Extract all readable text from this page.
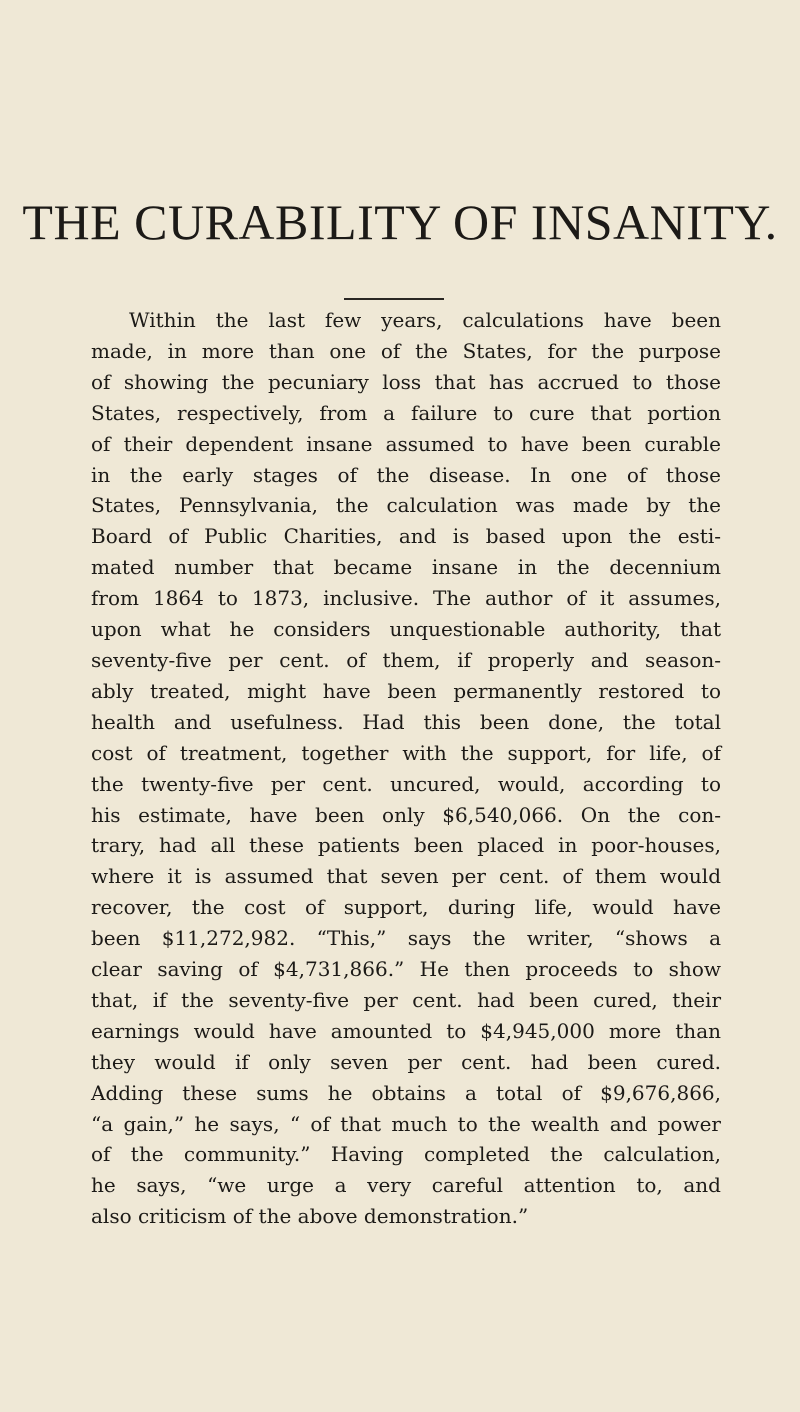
THE CURABILITY OF INSANITY.
Within the last few years, calculations have been
made, in more than one of the States, for the purpose
of showing the pecuniary loss that has accrued to those
States, respectively, from a failure to cure that portion
of their dependent insane assumed to have been curable
in the early stages of the disease. In one of those
States, Pennsylvania, the calculation was made by the
Board of Public Charities, and is based upon the esti-
mated number that became insane in the decennium
from 1864 to 1873, inclusive. The author of it assumes,
upon what he considers unquestionable authority, that
seventy-five per cent. of them, if properly and season-
ably treated, might have been permanently restored to
health and usefulness. Had this been done, the total
cost of treatment, together with the support, for life, of
the twenty-five per cent. uncured, would, according to
his estimate, have been only $6,540,066. On the con-
trary, had all these patients been placed in poor-houses,
where it is assumed that seven per cent. of them would
recover, the cost of support, during life, would have
been $11,272,982. “This,” says the writer, “shows a
clear saving of $4,731,866.” He then proceeds to show
that, if the seventy-five per cent. had been cured, their
earnings would have amounted to $4,945,000 more than
they would if only seven per cent. had been cured.
Adding these sums he obtains a total of $9,676,866,
“a gain,” he says, “ of that much to the wealth and power
of the community.” Having completed the calculation,
he says, “we urge a very careful attention to, and
also criticism of the above demonstration.”
